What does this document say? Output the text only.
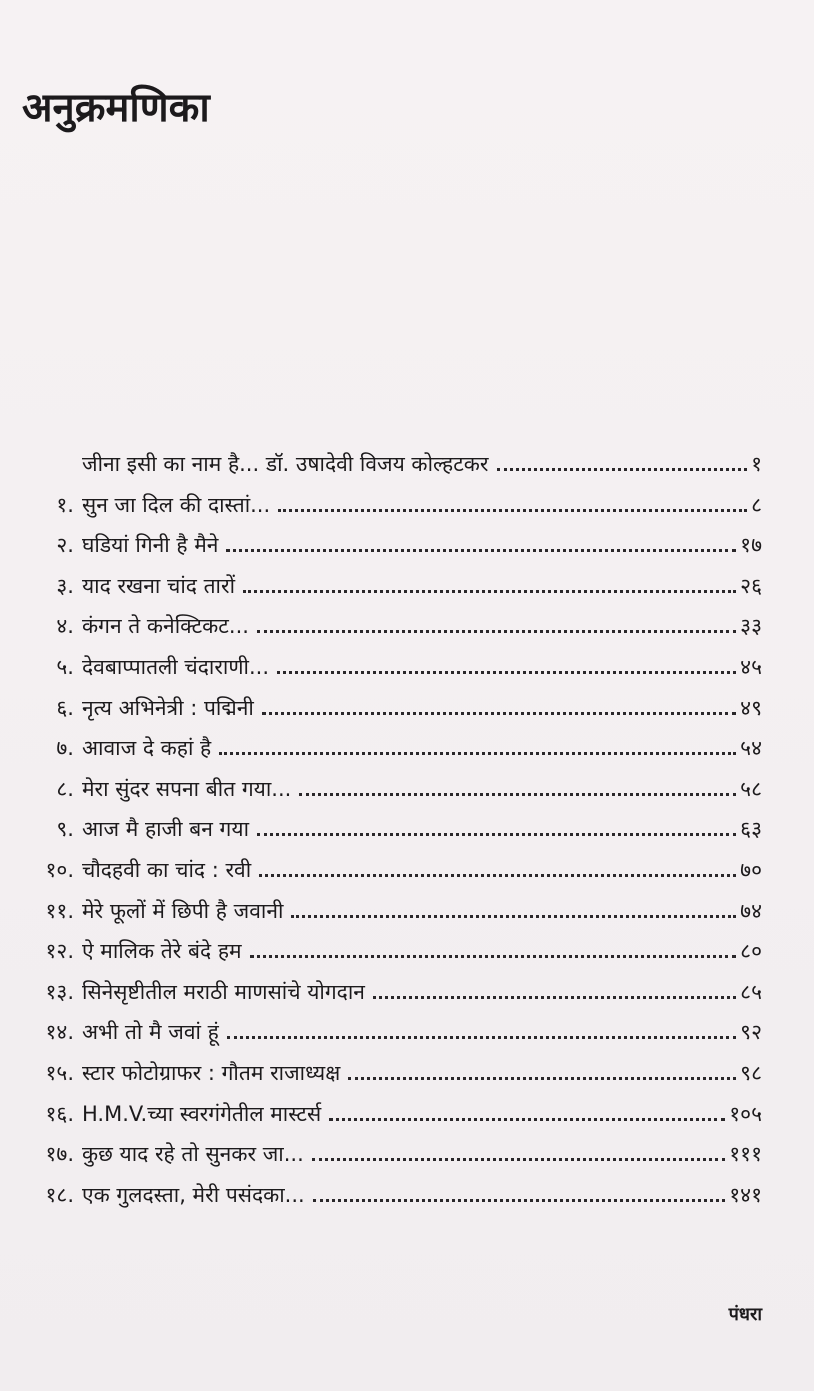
अनुक्रमणिका
जीना इसी का नाम है... डॉ. उषादेवी विजय कोल्हटकर	१
१. सुन जा दिल की दास्तां...	८
२. घडियां गिनी है मैने	१७
३. याद रखना चांद तारों	२६
४. कंगन ते कनेक्टिकट...	३३
५. देवबाप्पातली चंदाराणी...	४५
६. नृत्य अभिनेत्री : पद्मिनी	४९
७. आवाज दे कहां है	५४
८. मेरा सुंदर सपना बीत गया...	५८
९. आज मै हाजी बन गया	६३
१०. चौदहवी का चांद : रवी	७०
११. मेरे फूलों में छिपी है जवानी	७४
१२. ऐ मालिक तेरे बंदे हम	८०
१३. सिनेसृष्टीतील मराठी माणसांचे योगदान	८५
१४. अभी तो मै जवां हूं	९२
१५. स्टार फोटोग्राफर : गौतम राजाध्यक्ष	९८
१६. H.M.V.च्या स्वरगंगेतील मास्टर्स	१०५
१७. कुछ याद रहे तो सुनकर जा...	१११
१८. एक गुलदस्ता, मेरी पसंदका...	१४१
पंधरा
